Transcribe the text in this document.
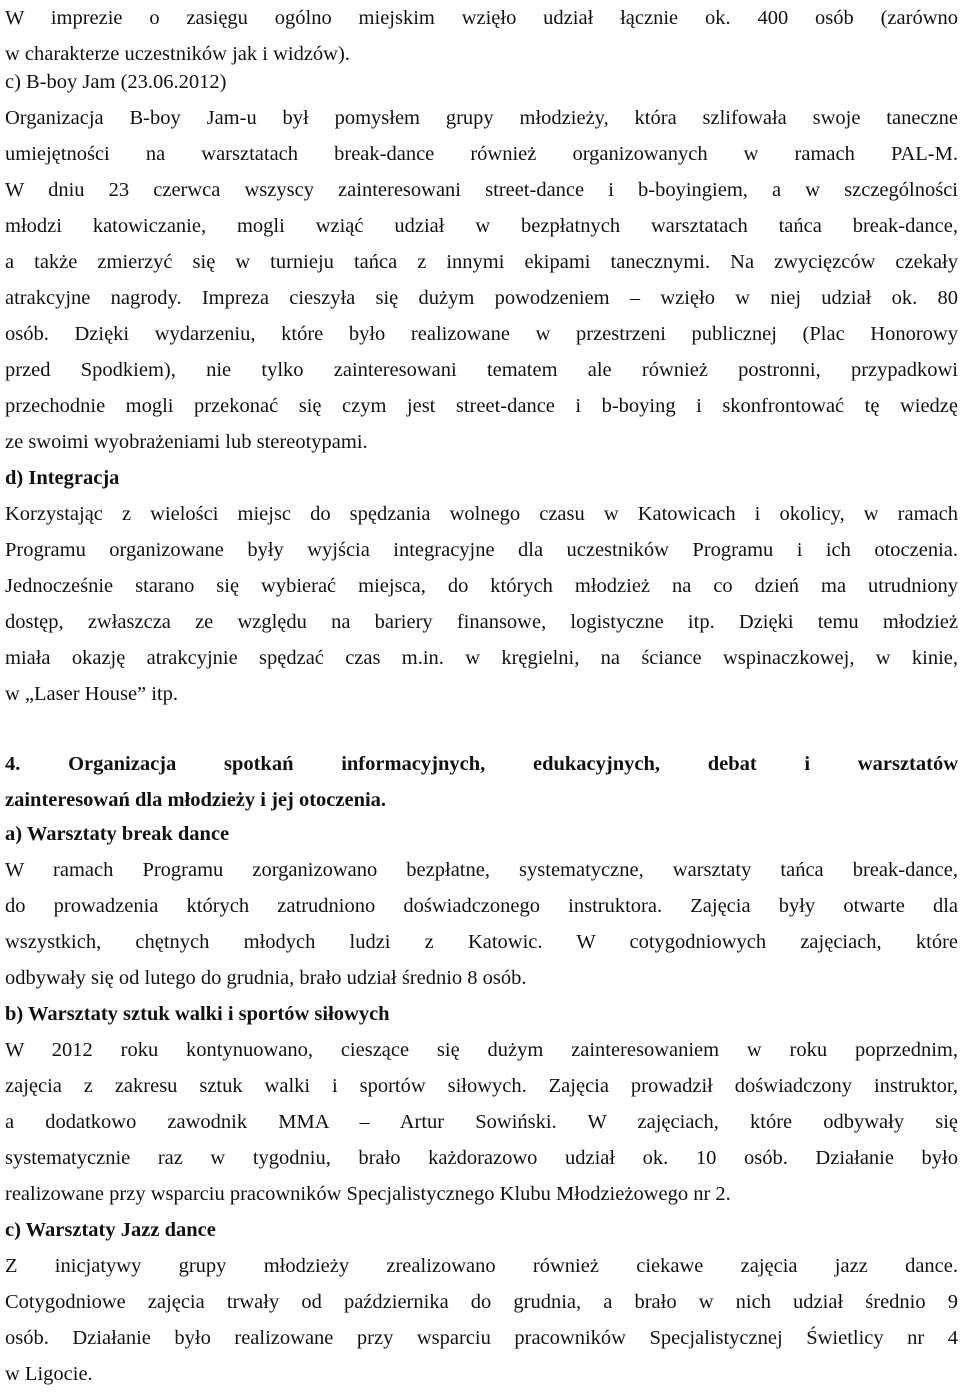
W imprezie o zasięgu ogólno miejskim wzięło udział łącznie ok. 400 osób (zarówno
w charakterze uczestników jak i widzów).
c) B-boy Jam (23.06.2012)
Organizacja B-boy Jam-u był pomysłem grupy młodzieży, która szlifowała swoje taneczne
umiejętności na warsztatach break-dance również organizowanych w ramach PAL-M.
W dniu 23 czerwca wszyscy zainteresowani street-dance i b-boyingiem, a w szczególności
młodzi katowiczanie, mogli wziąć udział w bezpłatnych warsztatach tańca break-dance,
a także zmierzyć się w turnieju tańca z innymi ekipami tanecznymi. Na zwycięzców czekały
atrakcyjne nagrody. Impreza cieszyła się dużym powodzeniem – wzięło w niej udział ok. 80
osób. Dzięki wydarzeniu, które było realizowane w przestrzeni publicznej (Plac Honorowy
przed Spodkiem), nie tylko zainteresowani tematem ale również postronni, przypadkowi
przechodnie mogli przekonać się czym jest street-dance i b-boying i skonfrontować tę wiedzę
ze swoimi wyobrażeniami lub stereotypami.
d) Integracja
Korzystając z wielości miejsc do spędzania wolnego czasu w Katowicach i okolicy, w ramach
Programu organizowane były wyjścia integracyjne dla uczestników Programu i ich otoczenia.
Jednocześnie starano się wybierać miejsca, do których młodzież na co dzień ma utrudniony
dostęp, zwłaszcza ze względu na bariery finansowe, logistyczne itp. Dzięki temu młodzież
miała okazję atrakcyjnie spędzać czas m.in. w kręgielni, na ściance wspinaczkowej, w kinie,
w „Laser House” itp.
4. Organizacja spotkań informacyjnych, edukacyjnych, debat i warsztatów
zainteresowań dla młodzieży i jej otoczenia.
a) Warsztaty break dance
W ramach Programu zorganizowano bezpłatne, systematyczne, warsztaty tańca break-dance,
do prowadzenia których zatrudniono doświadczonego instruktora. Zajęcia były otwarte dla
wszystkich, chętnych młodych ludzi z Katowic. W cotygodniowych zajęciach, które
odbywały się od lutego do grudnia, brało udział średnio 8 osób.
b) Warsztaty sztuk walki i sportów siłowych
W 2012 roku kontynuowano, cieszące się dużym zainteresowaniem w roku poprzednim,
zajęcia z zakresu sztuk walki i sportów siłowych. Zajęcia prowadził doświadczony instruktor,
a dodatkowo zawodnik MMA – Artur Sowiński. W zajęciach, które odbywały się
systematycznie raz w tygodniu, brało każdorazowo udział ok. 10 osób. Działanie było
realizowane przy wsparciu pracowników Specjalistycznego Klubu Młodzieżowego nr 2.
c) Warsztaty Jazz dance
Z inicjatywy grupy młodzieży zrealizowano również ciekawe zajęcia jazz dance.
Cotygodniowe zajęcia trwały od października do grudnia, a brało w nich udział średnio 9
osób. Działanie było realizowane przy wsparciu pracowników Specjalistycznej Świetlicy nr 4
w Ligocie.
